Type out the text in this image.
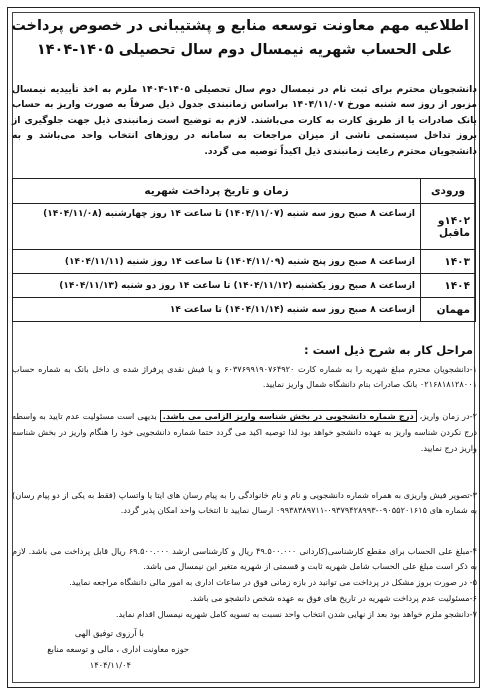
اطلاعیه مهم معاونت توسعه منابع و پشتیبانی در خصوص پرداخت
علی الحساب شهریه نیمسال دوم سال تحصیلی ۱۴۰۵-۱۴۰۴
دانشجویان محترم برای ثبت نام در نیمسال دوم سال تحصیلی ۱۴۰۵-۱۴۰۴ ملزم به اخذ تأییدیه نیمسال مزبور از روز سه شنبه مورخ ۱۴۰۴/۱۱/۰۷ براساس زمانبندی جدول ذیل صرفاً به صورت واریز به حساب بانک صادرات یا از طریق کارت به کارت می‌باشند. لازم به توضیح است زمانبندی ذیل جهت جلوگیری از بروز تداخل سیستمی ناشی از میزان مراجعات به سامانه در روزهای انتخاب واحد می‌باشد و به دانشجویان محترم رعایت زمانبندی ذیل اکیداً توصیه می گردد.
ورودی	زمان و تاریخ پرداخت شهریه
۱۴۰۲و ماقبل	ازساعت ۸ صبح روز سه شنبه (۱۴۰۴/۱۱/۰۷) تا ساعت ۱۴ روز چهارشنبه (۱۴۰۴/۱۱/۰۸)
۱۴۰۳	ازساعت ۸ صبح روز پنج شنبه (۱۴۰۴/۱۱/۰۹) تا ساعت ۱۴ روز شنبه (۱۴۰۴/۱۱/۱۱)
۱۴۰۴	ازساعت ۸ صبح روز یکشنبه (۱۴۰۴/۱۱/۱۲) تا ساعت ۱۴ روز دو شنبه (۱۴۰۴/۱۱/۱۳)
مهمان	ازساعت ۸ صبح روز سه شنبه (۱۴۰۴/۱۱/۱۴) تا ساعت ۱۴
مراحل کار به شرح ذیل است :
۱-دانشجویان محترم مبلغ شهریه را به شماره کارت ۶۰۳۷۶۹۹۱۹۰۷۶۴۹۲۰ و یا فیش نقدی پرفراژ شده ی داخل بانک به شماره حساب ۰۲۱۶۸۱۸۱۲۸۰۰۱ بانک صادرات بنام دانشگاه شمال واریز نمایید.
۲-در زمان واریز، درج شماره دانشجویی در بخش شناسه واریز الزامی می باشد. بدیهی است مسئولیت عدم تایید به واسطه درج نکردن شناسه واریز به عهده دانشجو خواهد بود لذا توصیه اکید می گردد حتما شماره دانشجویی خود را هنگام واریز در بخش شناسه واریز درج نمایید.
۳-تصویر فیش واریزی به همراه شماره دانشجویی و نام و نام خانوادگی را به پیام رسان های ایتا یا واتساپ (فقط به یکی از دو پیام رسان) به شماره های ۰۹۰۵۵۲۰۱۶۱۵-۰۹۳۷۹۴۲۸۹۹۳-۰۹۹۳۸۳۸۹۷۱۱ ارسال نمایید تا انتخاب واحد امکان پذیر گردد.
۴-مبلغ علی الحساب برای مقطع کارشناسی(کاردانی ۴۹.۵۰۰.۰۰۰ ریال و کارشناسی ارشد ۶۹.۵۰۰.۰۰۰ ریال قابل پرداخت می باشد. لازم به ذکر است مبلغ علی الحساب شامل شهریه ثابت و قسمتی از شهریه متغیر این نیمسال می باشد.
۵- در صورت بروز مشکل در پرداخت می توانید در بازه زمانی فوق در ساعات اداری به امور مالی دانشگاه مراجعه نمایید.
۶-مسئولیت عدم پرداخت شهریه در تاریخ های فوق به عهده شخص دانشجو می باشد.
۷-دانشجو ملزم خواهد بود بعد از نهایی شدن انتخاب واحد نسبت به تسویه کامل شهریه نیمسال اقدام نماید.
با آرزوی توفیق الهی
حوزه معاونت اداری ، مالی و توسعه منابع
۱۴۰۴/۱۱/۰۴
